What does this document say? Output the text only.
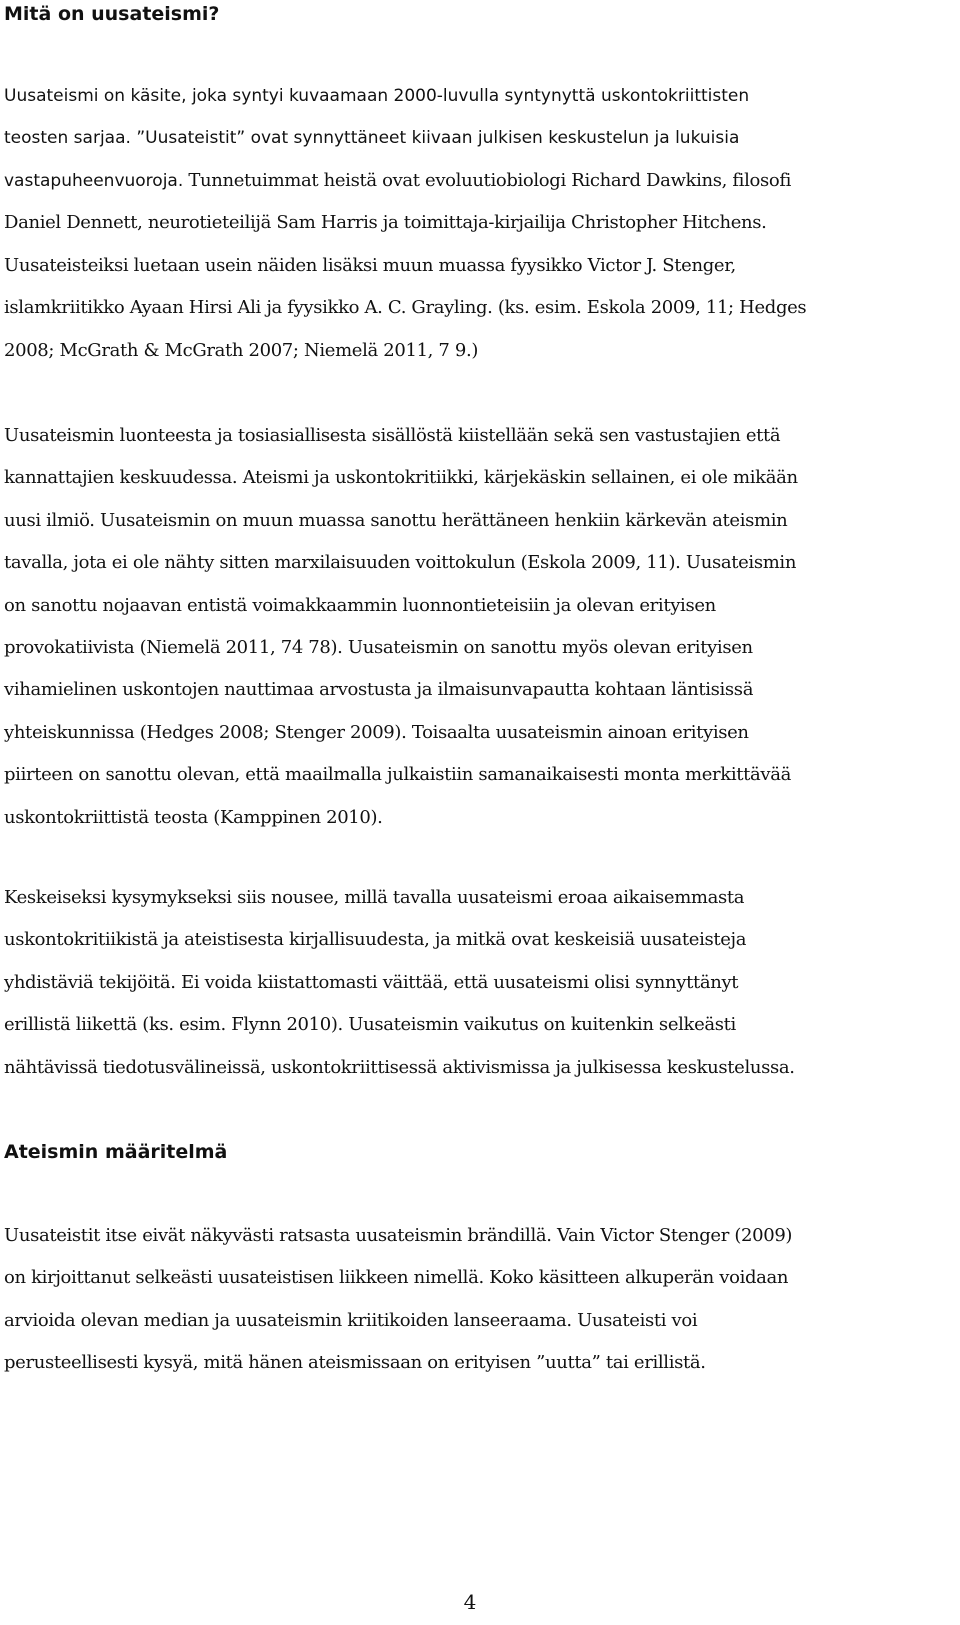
Mitä on uusateismi?
Uusateismi on käsite, joka syntyi kuvaamaan 2000-luvulla syntynyttä uskontokriittisten
teosten sarjaa. ”Uusateistit” ovat synnyttäneet kiivaan julkisen keskustelun ja lukuisia
vastapuheenvuoroja. Tunnetuimmat heistä ovat evoluutiobiologi Richard Dawkins, filosofi
Daniel Dennett, neurotieteilijä Sam Harris ja toimittaja-kirjailija Christopher Hitchens.
Uusateisteiksi luetaan usein näiden lisäksi muun muassa fyysikko Victor J. Stenger,
islamkriitikko Ayaan Hirsi Ali ja fyysikko A. C. Grayling. (ks. esim. Eskola 2009, 11; Hedges
2008; McGrath & McGrath 2007; Niemelä 2011, 7 9.)
Uusateismin luonteesta ja tosiasiallisesta sisällöstä kiistellään sekä sen vastustajien että
kannattajien keskuudessa. Ateismi ja uskontokritiikki, kärjekäskin sellainen, ei ole mikään
uusi ilmiö. Uusateismin on muun muassa sanottu herättäneen henkiin kärkevän ateismin
tavalla, jota ei ole nähty sitten marxilaisuuden voittokulun (Eskola 2009, 11). Uusateismin
on sanottu nojaavan entistä voimakkaammin luonnontieteisiin ja olevan erityisen
provokatiivista (Niemelä 2011, 74 78). Uusateismin on sanottu myös olevan erityisen
vihamielinen uskontojen nauttimaa arvostusta ja ilmaisunvapautta kohtaan läntisissä
yhteiskunnissa (Hedges 2008; Stenger 2009). Toisaalta uusateismin ainoan erityisen
piirteen on sanottu olevan, että maailmalla julkaistiin samanaikaisesti monta merkittävää
uskontokriittistä teosta (Kamppinen 2010).
Keskeiseksi kysymykseksi siis nousee, millä tavalla uusateismi eroaa aikaisemmasta
uskontokritiikistä ja ateistisesta kirjallisuudesta, ja mitkä ovat keskeisiä uusateisteja
yhdistäviä tekijöitä. Ei voida kiistattomasti väittää, että uusateismi olisi synnyttänyt
erillistä liikettä (ks. esim. Flynn 2010). Uusateismin vaikutus on kuitenkin selkeästi
nähtävissä tiedotusvälineissä, uskontokriittisessä aktivismissa ja julkisessa keskustelussa.
Ateismin määritelmä
Uusateistit itse eivät näkyvästi ratsasta uusateismin brändillä. Vain Victor Stenger (2009)
on kirjoittanut selkeästi uusateistisen liikkeen nimellä. Koko käsitteen alkuperän voidaan
arvioida olevan median ja uusateismin kriitikoiden lanseeraama. Uusateisti voi
perusteellisesti kysyä, mitä hänen ateismissaan on erityisen ”uutta” tai erillistä.
4
